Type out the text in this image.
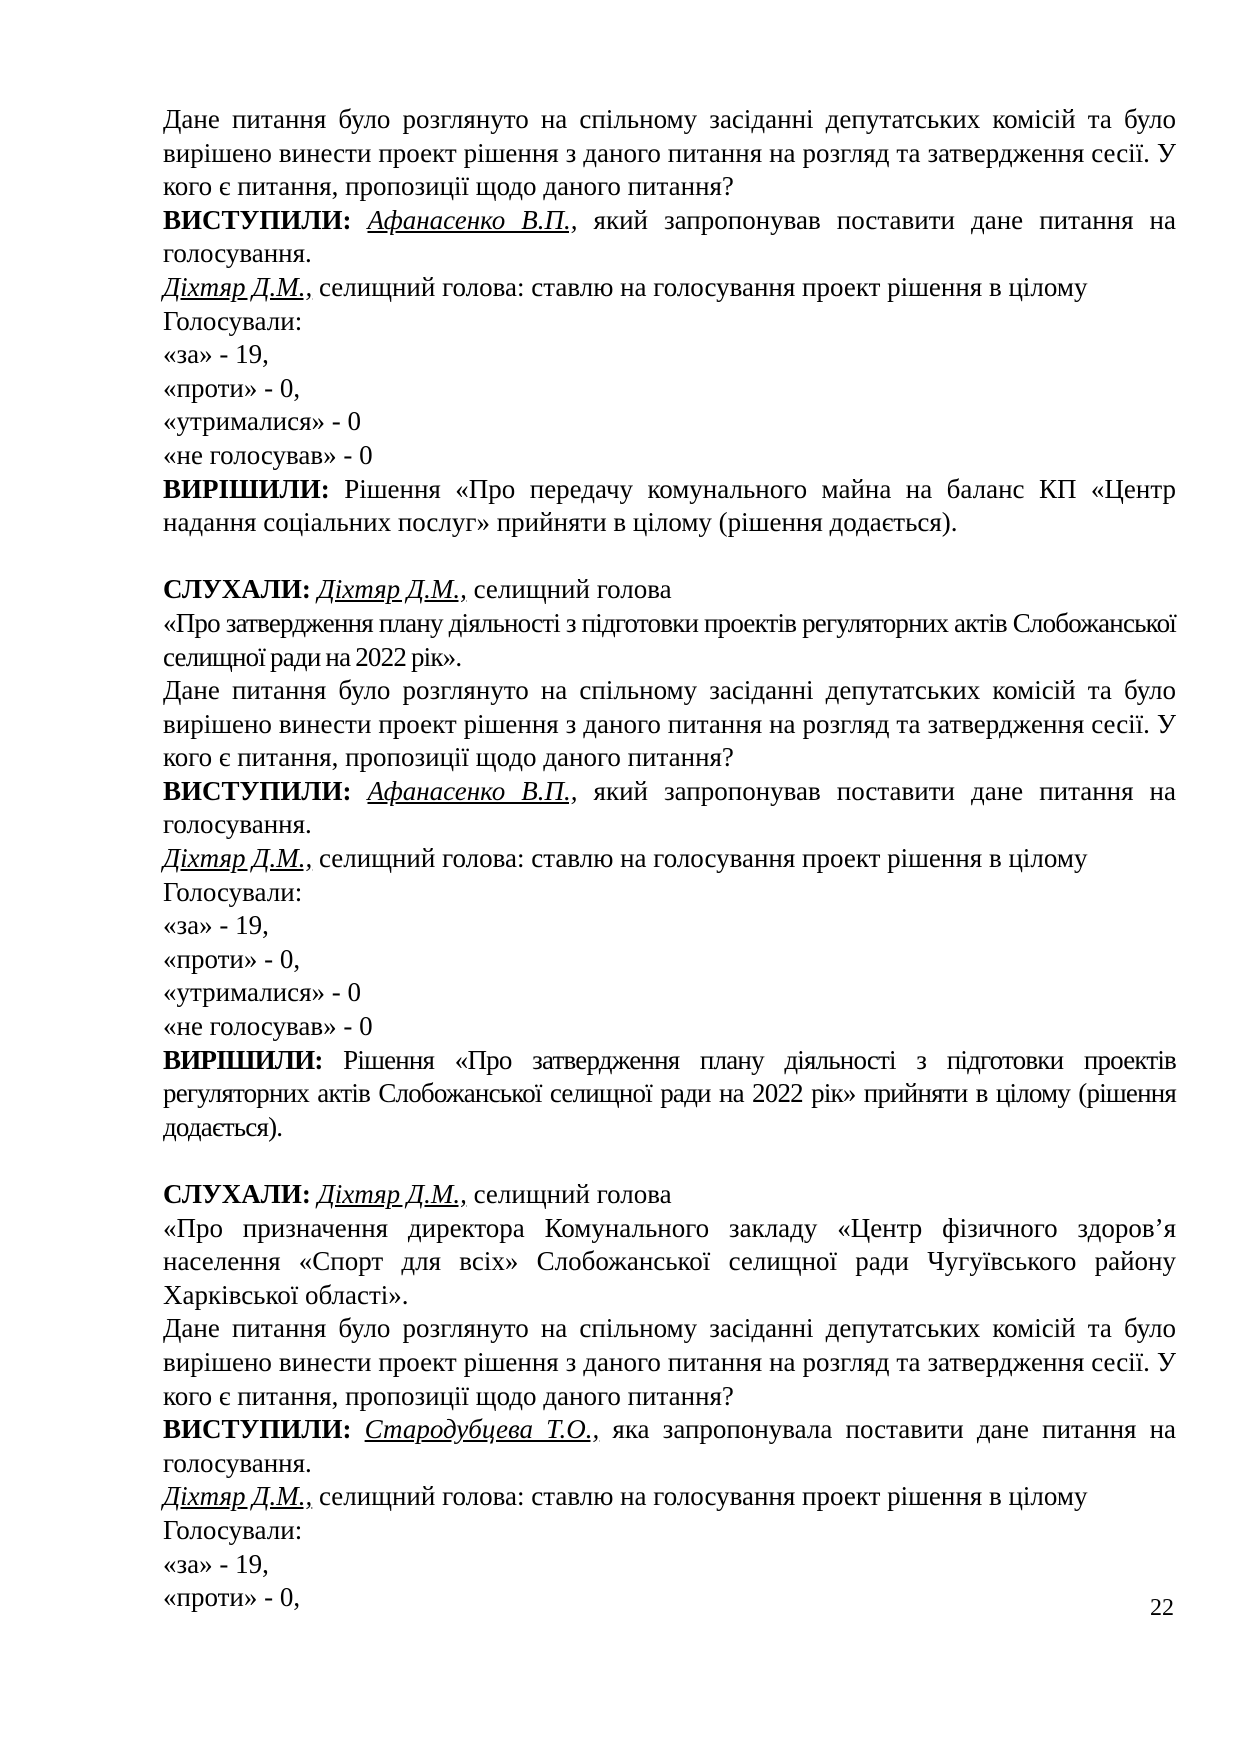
Дане питання було розглянуто на спільному засіданні депутатських комісій та було вирішено винести проект рішення з даного питання на розгляд та затвердження сесії. У кого є питання, пропозиції щодо даного питання?

ВИСТУПИЛИ: Афанасенко В.П., який запропонував поставити дане питання на голосування.

Діхтяр Д.М., селищний голова: ставлю на голосування проект рішення в цілому

Голосували:

«за» - 19,

«проти» - 0,

«утрималися» - 0

«не голосував» - 0

ВИРІШИЛИ: Рішення «Про передачу комунального майна на баланс КП «Центр надання соціальних послуг» прийняти в цілому (рішення додається).

СЛУХАЛИ: Діхтяр Д.М., селищний голова

«Про затвердження плану діяльності з підготовки проектів регуляторних актів Слобожанської селищної ради на 2022 рік».

Дане питання було розглянуто на спільному засіданні депутатських комісій та було вирішено винести проект рішення з даного питання на розгляд та затвердження сесії. У кого є питання, пропозиції щодо даного питання?

ВИСТУПИЛИ: Афанасенко В.П., який запропонував поставити дане питання на голосування.

Діхтяр Д.М., селищний голова: ставлю на голосування проект рішення в цілому

Голосували:

«за» - 19,

«проти» - 0,

«утрималися» - 0

«не голосував» - 0

ВИРІШИЛИ: Рішення «Про затвердження плану діяльності з підготовки проектів регуляторних актів Слобожанської селищної ради на 2022 рік» прийняти в цілому (рішення додається).

СЛУХАЛИ: Діхтяр Д.М., селищний голова

«Про призначення директора Комунального закладу «Центр фізичного здоров’я населення «Спорт для всіх» Слобожанської селищної ради Чугуївського району Харківської області».

Дане питання було розглянуто на спільному засіданні депутатських комісій та було вирішено винести проект рішення з даного питання на розгляд та затвердження сесії. У кого є питання, пропозиції щодо даного питання?

ВИСТУПИЛИ: Стародубцева Т.О., яка запропонувала поставити дане питання на голосування.

Діхтяр Д.М., селищний голова: ставлю на голосування проект рішення в цілому

Голосували:

«за» - 19,

«проти» - 0,	22
